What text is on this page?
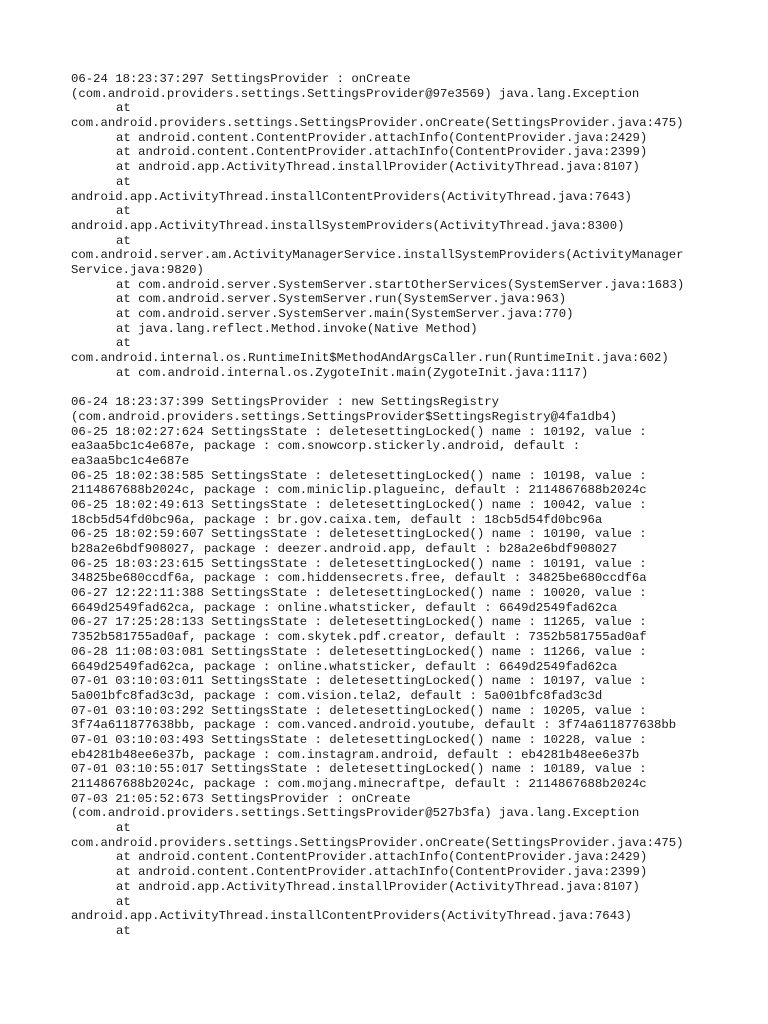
06-24 18:23:37:297 SettingsProvider : onCreate
(com.android.providers.settings.SettingsProvider@97e3569) java.lang.Exception
at
com.android.providers.settings.SettingsProvider.onCreate(SettingsProvider.java:475)
at android.content.ContentProvider.attachInfo(ContentProvider.java:2429)
at android.content.ContentProvider.attachInfo(ContentProvider.java:2399)
at android.app.ActivityThread.installProvider(ActivityThread.java:8107)
at
android.app.ActivityThread.installContentProviders(ActivityThread.java:7643)
at
android.app.ActivityThread.installSystemProviders(ActivityThread.java:8300)
at
com.android.server.am.ActivityManagerService.installSystemProviders(ActivityManager
Service.java:9820)
at com.android.server.SystemServer.startOtherServices(SystemServer.java:1683)
at com.android.server.SystemServer.run(SystemServer.java:963)
at com.android.server.SystemServer.main(SystemServer.java:770)
at java.lang.reflect.Method.invoke(Native Method)
at
com.android.internal.os.RuntimeInit$MethodAndArgsCaller.run(RuntimeInit.java:602)
at com.android.internal.os.ZygoteInit.main(ZygoteInit.java:1117)
06-24 18:23:37:399 SettingsProvider : new SettingsRegistry
(com.android.providers.settings.SettingsProvider$SettingsRegistry@4fa1db4)
06-25 18:02:27:624 SettingsState : deletesettingLocked() name : 10192, value :
ea3aa5bc1c4e687e, package : com.snowcorp.stickerly.android, default :
ea3aa5bc1c4e687e
06-25 18:02:38:585 SettingsState : deletesettingLocked() name : 10198, value :
2114867688b2024c, package : com.miniclip.plagueinc, default : 2114867688b2024c
06-25 18:02:49:613 SettingsState : deletesettingLocked() name : 10042, value :
18cb5d54fd0bc96a, package : br.gov.caixa.tem, default : 18cb5d54fd0bc96a
06-25 18:02:59:607 SettingsState : deletesettingLocked() name : 10190, value :
b28a2e6bdf908027, package : deezer.android.app, default : b28a2e6bdf908027
06-25 18:03:23:615 SettingsState : deletesettingLocked() name : 10191, value :
34825be680ccdf6a, package : com.hiddensecrets.free, default : 34825be680ccdf6a
06-27 12:22:11:388 SettingsState : deletesettingLocked() name : 10020, value :
6649d2549fad62ca, package : online.whatsticker, default : 6649d2549fad62ca
06-27 17:25:28:133 SettingsState : deletesettingLocked() name : 11265, value :
7352b581755ad0af, package : com.skytek.pdf.creator, default : 7352b581755ad0af
06-28 11:08:03:081 SettingsState : deletesettingLocked() name : 11266, value :
6649d2549fad62ca, package : online.whatsticker, default : 6649d2549fad62ca
07-01 03:10:03:011 SettingsState : deletesettingLocked() name : 10197, value :
5a001bfc8fad3c3d, package : com.vision.tela2, default : 5a001bfc8fad3c3d
07-01 03:10:03:292 SettingsState : deletesettingLocked() name : 10205, value :
3f74a611877638bb, package : com.vanced.android.youtube, default : 3f74a611877638bb
07-01 03:10:03:493 SettingsState : deletesettingLocked() name : 10228, value :
eb4281b48ee6e37b, package : com.instagram.android, default : eb4281b48ee6e37b
07-01 03:10:55:017 SettingsState : deletesettingLocked() name : 10189, value :
2114867688b2024c, package : com.mojang.minecraftpe, default : 2114867688b2024c
07-03 21:05:52:673 SettingsProvider : onCreate
(com.android.providers.settings.SettingsProvider@527b3fa) java.lang.Exception
at
com.android.providers.settings.SettingsProvider.onCreate(SettingsProvider.java:475)
at android.content.ContentProvider.attachInfo(ContentProvider.java:2429)
at android.content.ContentProvider.attachInfo(ContentProvider.java:2399)
at android.app.ActivityThread.installProvider(ActivityThread.java:8107)
at
android.app.ActivityThread.installContentProviders(ActivityThread.java:7643)
at
